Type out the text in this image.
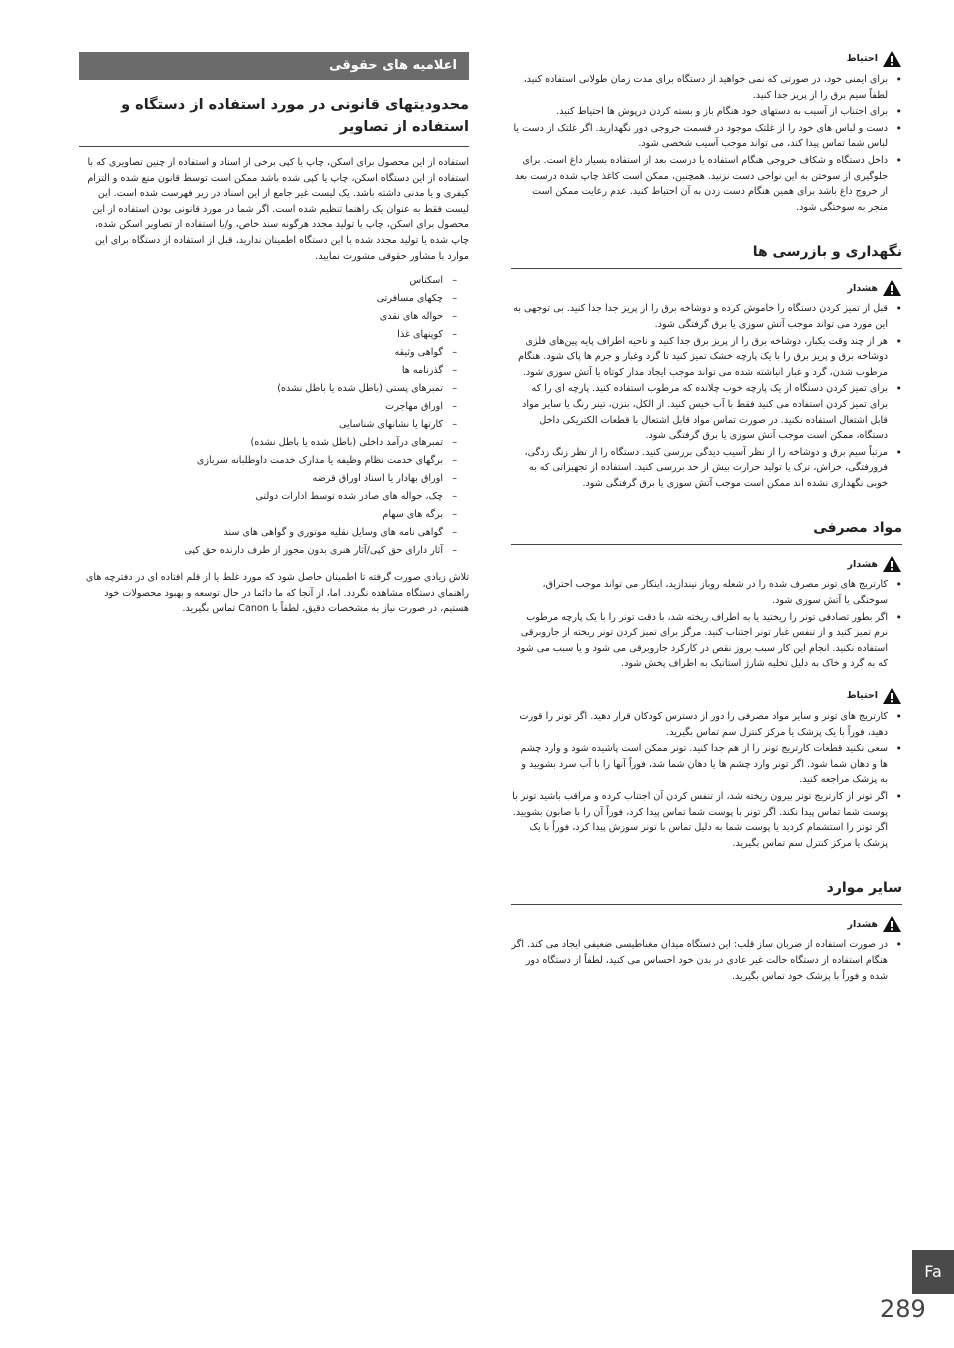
احتیاط
• برای ایمنی خود، در صورتی که نمی خواهید از دستگاه برای مدت زمان طولانی استفاده کنید، لطفاً سیم برق را از پریز جدا کنید.
• برای اجتناب از آسیب به دستهای خود هنگام باز و بسته کردن درپوش ها احتیاط کنید.
• دست و لباس های خود را از غلتک موجود در قسمت خروجی دور نگهدارید. اگر غلتک از دست یا لباس شما تماس پیدا کند، می تواند موجب آسیب شخصی شود.
• داخل دستگاه و شکاف خروجی هنگام استفاده یا درست بعد از استفاده بسیار داغ است. برای جلوگیری از سوختن به این نواحی دست نزنید. همچنین، ممکن است کاغذ چاپ شده درست بعد از خروج داغ باشد برای همین هنگام دست زدن به آن احتیاط کنید. عدم رعایت ممکن است منجر به سوختگی شود.
نگهداری و بازرسی ها
هشدار
• قبل از تمیز کردن دستگاه را خاموش کرده و دوشاخه برق را از پریز جدا جدا کنید. بی توجهی به این مورد می تواند موجب آتش سوزی یا برق گرفتگی شود.
• هر از چند وقت یکبار، دوشاخه برق را از پریز برق جدا کنید و ناحیه اطراف پایه پین‌های فلزی دوشاخه برق و پریز برق را با یک پارچه خشک تمیز کنید تا گرد وغبار و جرم ها پاک شود. هنگام مرطوب شدن، گرد و غبار انباشته شده می تواند موجب ایجاد مدار کوتاه یا آتش سوزی شود.
• برای تمیز کردن دستگاه از یک پارچه خوب چلانده که مرطوب استفاده کنید. پارچه ای را که برای تمیز کردن استفاده می کنید فقط با آب خیس کنید. از الکل، بنزن، تینر رنگ یا سایر مواد قابل اشتعال استفاده نکنید. در صورت تماس مواد قابل اشتعال با قطعات الکتریکی داخل دستگاه، ممکن است موجب آتش سوزی یا برق گرفتگی شود.
• مرتباً سیم برق و دوشاخه را از نظر آسیب دیدگی بررسی کنید. دستگاه را از نظر زنگ زدگی، فرورفتگی، خراش، ترک یا تولید حرارت بیش از حد بررسی کنید. استفاده از تجهیزاتی که به خوبی نگهداری نشده اند ممکن است موجب آتش سوزی یا برق گرفتگی شود.
مواد مصرفی
هشدار
• کارتریج های تونر مصرف شده را در شعله روباز نیندازید، اینکار می تواند موجب احتراق، سوختگی یا آتش سوزی شود.
• اگر بطور تصادفی تونر را ریختید یا به اطراف ریخته شد، با دقت تونر را با یک پارچه مرطوب نرم تمیز کنید و از تنفس غبار تونر اجتناب کنید. مرگز برای تمیز کردن تونر ریخته از جاروبرقی استفاده نکنید. انجام این کار سبب بروز نقص در کارکرد جاروبرقی می شود و یا سبب می شود که به گرد و خاک به دلیل تخلیه شارژ استاتیک به اطراف پخش شود.
احتیاط
• کارتریج های تونر و سایر مواد مصرفی را دور از دسترس کودکان قرار دهید. اگر تونر را قورت دهید، فوراً با یک پزشک یا مرکز کنترل سم تماس بگیرید.
• سعی نکنید قطعات کارتریج تونر را از هم جدا کنید. تونر ممکن است پاشیده شود و وارد چشم ها و دهان شما شود. اگر تونر وارد چشم ها یا دهان شما شد، فوراً آنها را با آب سرد بشویید و به پزشک مراجعه کنید.
• اگر تونر از کارتریج تونر بیرون ریخته شد، از تنفس کردن آن اجتناب کرده و مراقب باشید تونر با پوست شما تماس پیدا نکند. اگر تونر با پوست شما تماس پیدا کرد، فوراً آن را با صابون بشویید. اگر تونر را استشمام کردید یا پوست شما به دلیل تماس با تونر سوزش پیدا کرد، فوراً با یک پزشک یا مرکز کنترل سم تماس بگیرید.
سایر موارد
هشدار
• در صورت استفاده از ضربان ساز قلب: این دستگاه میدان مغناطیسی ضعیفی ایجاد می کند. اگر هنگام استفاده از دستگاه حالت غیر عادی در بدن خود احساس می کنید، لطفاً از دستگاه دور شده و فوراً با پزشک خود تماس بگیرید.
اعلامیه های حقوقی
محدودیتهای قانونی در مورد استفاده از دستگاه و استفاده از تصاویر

استفاده از این محصول برای اسکن، چاپ یا کپی برخی از اسناد و استفاده از چنین تصاویری که با استفاده از این دستگاه اسکن، چاپ یا کپی شده باشد ممکن است توسط قانون منع شده و التزام کیفری و یا مدنی داشته باشد. یک لیست غیر جامع از این اسناد در زیر فهرست شده است. این لیست فقط به عنوان یک راهنما تنظیم شده است. اگر شما در مورد قانونی بودن استفاده از این محصول برای اسکن، چاپ یا تولید مجدد هرگونه سند خاص، و/یا استفاده از تصاویر اسکن شده، چاپ شده یا تولید مجدد شده با این دستگاه اطمینان ندارید، قبل از استفاده از دستگاه برای این موارد با مشاور حقوقی مشورت نمایید.

– اسکناس
– چکهای مسافرتی
– حواله های نقدی
– کوپنهای غذا
– گواهی وثیقه
– گذرنامه ها
– تمبرهای پستی (باطل شده یا باطل نشده)
– اوراق مهاجرت
– کارتها یا نشانهای شناسایی
– تمبرهای درآمد داخلی (باطل شده یا باطل نشده)
– برگهای خدمت نظام وظیفه یا مدارک خدمت داوطلبانه سربازی
– اوراق بهادار یا اسناد اوراق قرضه
– چک، حواله های صادر شده توسط ادارات دولتی
– برگه های سهام
– گواهی نامه های وسایل نقلیه موتوری و گواهی های سند
– آثار دارای حق کپی/آثار هنری بدون مجوز از طرف دارنده حق کپی

تلاش زیادی صورت گرفته تا اطمینان حاصل شود که مورد غلط یا از قلم افتاده ای در دفترچه های راهنمای دستگاه مشاهده نگردد. اما، از آنجا که ما دائما در حال توسعه و بهبود محصولات خود هستیم، در صورت نیاز به مشخصات دقیق، لطفاً با Canon تماس بگیرید.

Fa
289
